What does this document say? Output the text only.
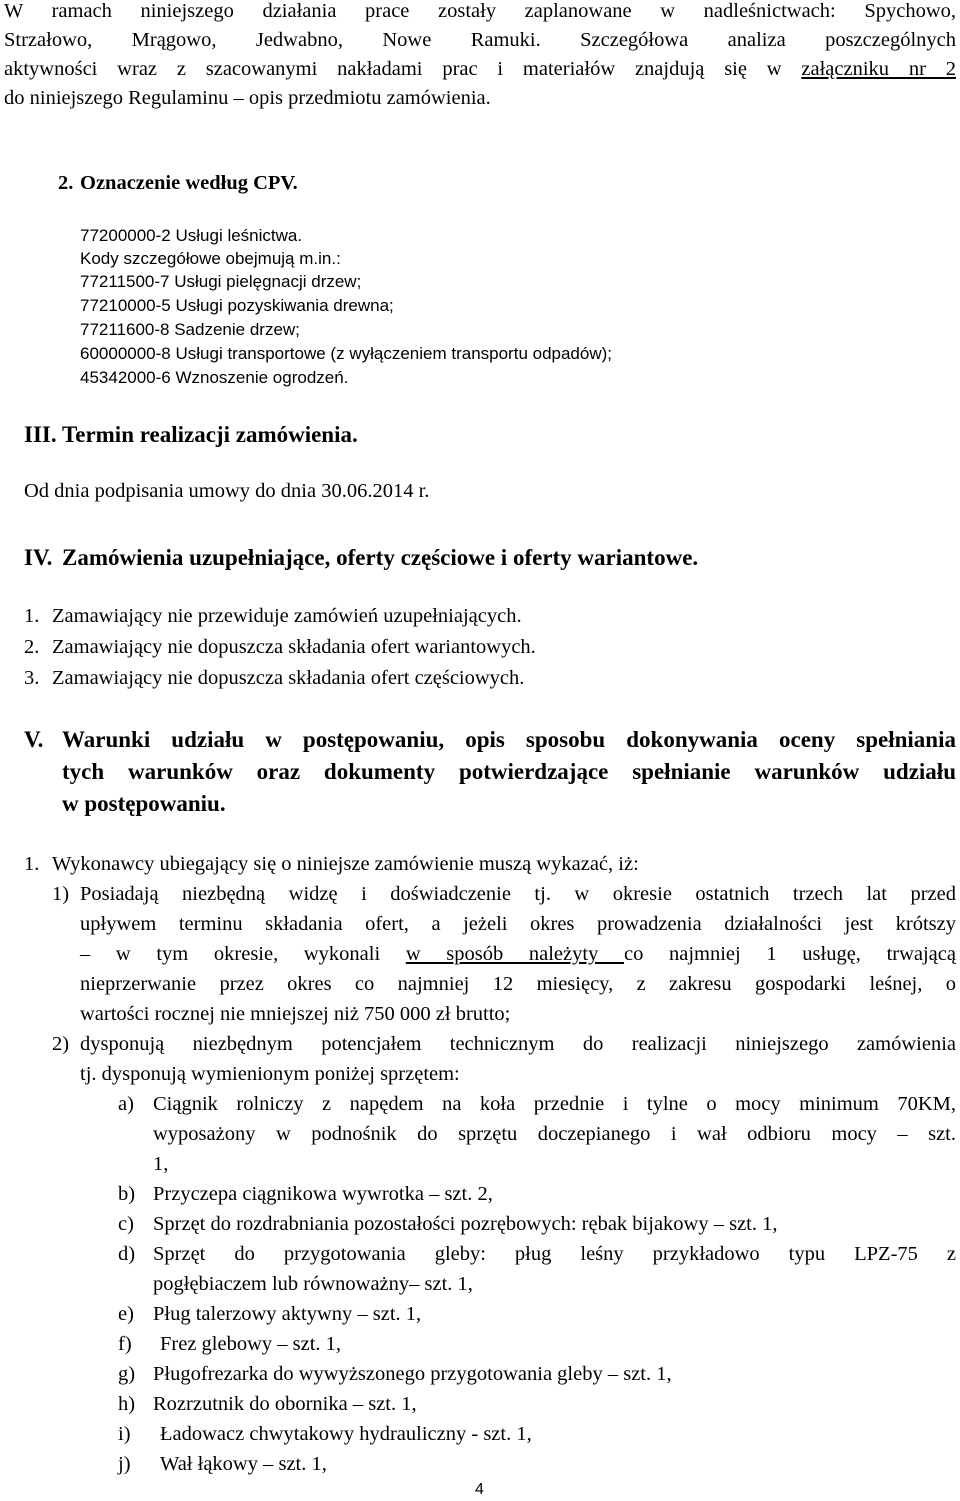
W ramach niniejszego działania prace zostały zaplanowane w nadleśnictwach: Spychowo,
Strzałowo, Mrągowo, Jedwabno, Nowe Ramuki. Szczegółowa analiza poszczególnych
aktywności wraz z szacowanymi nakładami prac i materiałów znajdują się w załączniku nr 2
do niniejszego Regulaminu – opis przedmiotu zamówienia.
2. Oznaczenie według CPV.
77200000-2 Usługi leśnictwa.
Kody szczegółowe obejmują m.in.:
77211500-7 Usługi pielęgnacji drzew;
77210000-5 Usługi pozyskiwania drewna;
77211600-8 Sadzenie drzew;
60000000-8 Usługi transportowe (z wyłączeniem transportu odpadów);
45342000-6 Wznoszenie ogrodzeń.
III. Termin realizacji zamówienia.
Od dnia podpisania umowy do dnia 30.06.2014 r.
IV. Zamówienia uzupełniające, oferty częściowe i oferty wariantowe.
1. Zamawiający nie przewiduje zamówień uzupełniających.
2. Zamawiający nie dopuszcza składania ofert wariantowych.
3. Zamawiający nie dopuszcza składania ofert częściowych.
V. Warunki udziału w postępowaniu, opis sposobu dokonywania oceny spełniania
tych warunków oraz dokumenty potwierdzające spełnianie warunków udziału
w postępowaniu.
1. Wykonawcy ubiegający się o niniejsze zamówienie muszą wykazać, iż:
1) Posiadają niezbędną widzę i doświadczenie tj. w okresie ostatnich trzech lat przed
upływem terminu składania ofert, a jeżeli okres prowadzenia działalności jest krótszy
– w tym okresie, wykonali w sposób należyty co najmniej 1 usługę, trwającą
nieprzerwanie przez okres co najmniej 12 miesięcy, z zakresu gospodarki leśnej, o
wartości rocznej nie mniejszej niż 750 000 zł brutto;
2) dysponują niezbędnym potencjałem technicznym do realizacji niniejszego zamówienia
tj. dysponują wymienionym poniżej sprzętem:
a) Ciągnik rolniczy z napędem na koła przednie i tylne o mocy minimum 70KM,
wyposażony w podnośnik do sprzętu doczepianego i wał odbioru mocy – szt.
1,
b) Przyczepa ciągnikowa wywrotka – szt. 2,
c) Sprzęt do rozdrabniania pozostałości pozrębowych: rębak bijakowy – szt. 1,
d) Sprzęt do przygotowania gleby: pług leśny przykładowo typu LPZ-75 z
pogłębiaczem lub równoważny– szt. 1,
e) Pług talerzowy aktywny – szt. 1,
f) Frez glebowy – szt. 1,
g) Pługofrezarka do wywyższonego przygotowania gleby – szt. 1,
h) Rozrzutnik do obornika – szt. 1,
i) Ładowacz chwytakowy hydrauliczny - szt. 1,
j) Wał łąkowy – szt. 1,
4
